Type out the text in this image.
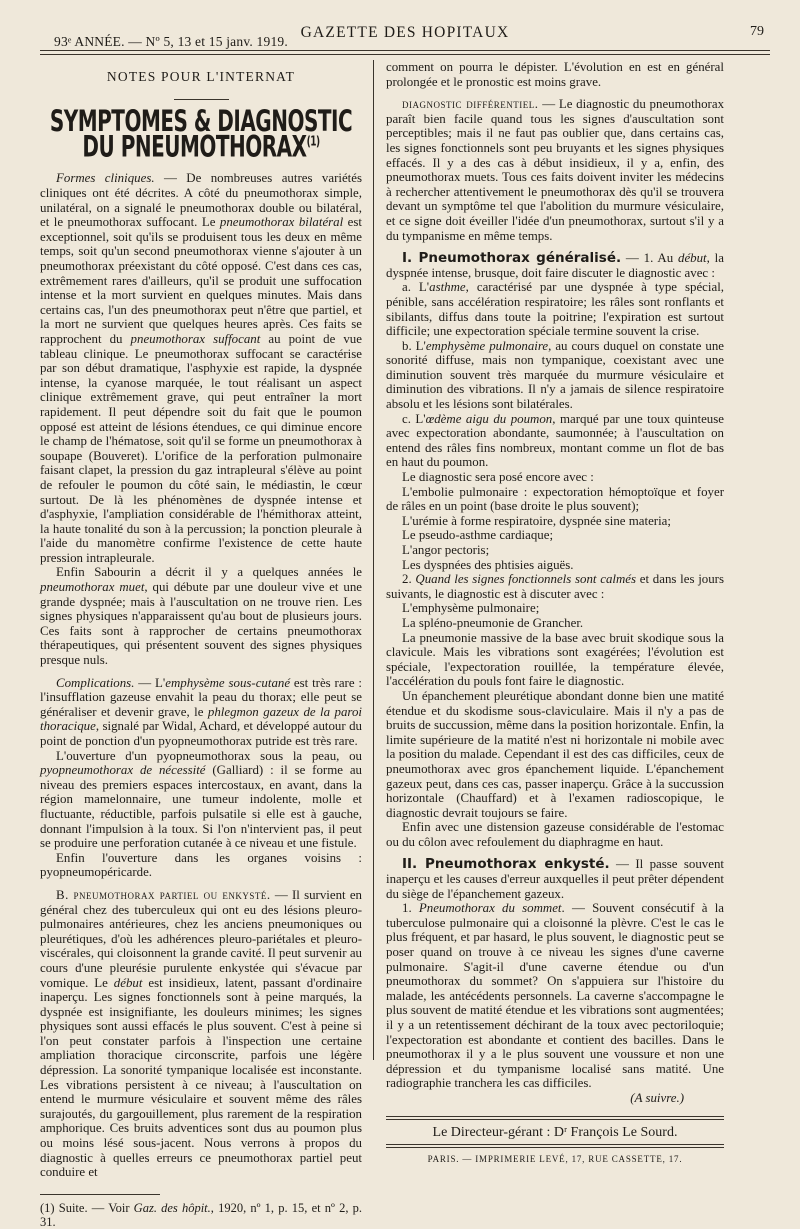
93ᵉ ANNÉE. — Nº 5, 13 et 15 janv. 1919.
GAZETTE DES HOPITAUX	79
NOTES POUR L'INTERNAT
SYMPTOMES & DIAGNOSTIC DU PNEUMOTHORAX$^{(1)}$

Formes cliniques. — De nombreuses autres variétés cliniques ont été décrites. A côté du pneumothorax simple, unilatéral, on a signalé le pneumothorax double ou bilatéral, et le pneumothorax suffocant. Le pneumothorax bilatéral est exceptionnel, soit qu'ils se produisent tous les deux en même temps, soit qu'un second pneumothorax vienne s'ajouter à un pneumothorax préexistant du côté opposé. C'est dans ces cas, extrêmement rares d'ailleurs, qu'il se produit une suffocation intense et la mort survient en quelques minutes. Mais dans certains cas, l'un des pneumothorax peut n'être que partiel, et la mort ne survient que quelques heures après. Ces faits se rapprochent du pneumothorax suffocant au point de vue tableau clinique. Le pneumothorax suffocant se caractérise par son début dramatique, l'asphyxie est rapide, la dyspnée intense, la cyanose marquée, le tout réalisant un aspect clinique extrêmement grave, qui peut entraîner la mort rapidement. Il peut dépendre soit du fait que le poumon opposé est atteint de lésions étendues, ce qui diminue encore le champ de l'hématose, soit qu'il se forme un pneumothorax à soupape (Bouveret). L'orifice de la perforation pulmonaire faisant clapet, la pression du gaz intrapleural s'élève au point de refouler le poumon du côté sain, le médiastin, le cœur surtout. De là les phénomènes de dyspnée intense et d'asphyxie, l'ampliation considérable de l'hémithorax atteint, la haute tonalité du son à la percussion; la ponction pleurale à l'aide du manomètre confirme l'existence de cette haute pression intrapleurale.

Enfin Sabourin a décrit il y a quelques années le pneumothorax muet, qui débute par une douleur vive et une grande dyspnée; mais à l'auscultation on ne trouve rien. Les signes physiques n'apparaissent qu'au bout de plusieurs jours. Ces faits sont à rapprocher de certains pneumothorax thérapeutiques, qui présentent souvent des signes physiques presque nuls.

Complications. — L'emphysème sous-cutané est très rare : l'insufflation gazeuse envahit la peau du thorax; elle peut se généraliser et devenir grave, le phlegmon gazeux de la paroi thoracique, signalé par Widal, Achard, et développé autour du point de ponction d'un pyopneumothorax putride est très rare.

L'ouverture d'un pyopneumothorax sous la peau, ou pyopneumothorax de nécessité (Galliard) : il se forme au niveau des premiers espaces intercostaux, en avant, dans la région mamelonnaire, une tumeur indolente, molle et fluctuante, réductible, parfois pulsatile si elle est à gauche, donnant l'impulsion à la toux. Si l'on n'intervient pas, il peut se produire une perforation cutanée à ce niveau et une fistule.

Enfin l'ouverture dans les organes voisins : pyopneumopéricarde.

B. pneumothorax partiel ou enkysté. — Il survient en général chez des tuberculeux qui ont eu des lésions pleuro-pulmonaires antérieures, chez les anciens pneumoniques ou pleurétiques, d'où les adhérences pleuro-pariétales et pleuro-viscérales, qui cloisonnent la grande cavité. Il peut survenir au cours d'une pleurésie purulente enkystée qui s'évacue par vomique. Le début est insidieux, latent, passant d'ordinaire inaperçu. Les signes fonctionnels sont à peine marqués, la dyspnée est insignifiante, les douleurs minimes; les signes physiques sont aussi effacés le plus souvent. C'est à peine si l'on peut constater parfois à l'inspection une certaine ampliation thoracique circonscrite, parfois une légère dépression. La sonorité tympanique localisée est inconstante. Les vibrations persistent à ce niveau; à l'auscultation on entend le murmure vésiculaire et souvent même des râles surajoutés, du gargouillement, plus rarement de la respiration amphorique. Ces bruits adventices sont dus au poumon plus ou moins lésé sous-jacent. Nous verrons à propos du diagnostic à quelles erreurs ce pneumothorax partiel peut conduire et

(1) Suite. — Voir Gaz. des hôpit., 1920, nº 1, p. 15, et nº 2, p. 31.

comment on pourra le dépister. L'évolution en est en général prolongée et le pronostic est moins grave.

diagnostic différentiel. — Le diagnostic du pneumothorax paraît bien facile quand tous les signes d'auscultation sont perceptibles; mais il ne faut pas oublier que, dans certains cas, les signes fonctionnels sont peu bruyants et les signes physiques effacés. Il y a des cas à début insidieux, il y a, enfin, des pneumothorax muets. Tous ces faits doivent inviter les médecins à rechercher attentivement le pneumothorax dès qu'il se trouvera devant un symptôme tel que l'abolition du murmure vésiculaire, et ce signe doit éveiller l'idée d'un pneumothorax, surtout s'il y a du tympanisme en même temps.

I. Pneumothorax généralisé. — 1. Au début, la dyspnée intense, brusque, doit faire discuter le diagnostic avec :

a. L'asthme, caractérisé par une dyspnée à type spécial, pénible, sans accélération respiratoire; les râles sont ronflants et sibilants, diffus dans toute la poitrine; l'expiration est surtout difficile; une expectoration spéciale termine souvent la crise.

b. L'emphysème pulmonaire, au cours duquel on constate une sonorité diffuse, mais non tympanique, coexistant avec une diminution souvent très marquée du murmure vésiculaire et diminution des vibrations. Il n'y a jamais de silence respiratoire absolu et les lésions sont bilatérales.

c. L'œdème aigu du poumon, marqué par une toux quinteuse avec expectoration abondante, saumonnée; à l'auscultation on entend des râles fins nombreux, montant comme un flot de bas en haut du poumon.

Le diagnostic sera posé encore avec :

L'embolie pulmonaire : expectoration hémoptoïque et foyer de râles en un point (base droite le plus souvent);

L'urémie à forme respiratoire, dyspnée sine materia;

Le pseudo-asthme cardiaque;

L'angor pectoris;

Les dyspnées des phtisies aiguës.

2. Quand les signes fonctionnels sont calmés et dans les jours suivants, le diagnostic est à discuter avec :

L'emphysème pulmonaire;

La spléno-pneumonie de Grancher.

La pneumonie massive de la base avec bruit skodique sous la clavicule. Mais les vibrations sont exagérées; l'évolution est spéciale, l'expectoration rouillée, la température élevée, l'accélération du pouls font faire le diagnostic.

Un épanchement pleurétique abondant donne bien une matité étendue et du skodisme sous-claviculaire. Mais il n'y a pas de bruits de succussion, même dans la position horizontale. Enfin, la limite supérieure de la matité n'est ni horizontale ni mobile avec la position du malade. Cependant il est des cas difficiles, ceux de pneumothorax avec gros épanchement liquide. L'épanchement gazeux peut, dans ces cas, passer inaperçu. Grâce à la succussion horizontale (Chauffard) et à l'examen radioscopique, le diagnostic devrait toujours se faire.

Enfin avec une distension gazeuse considérable de l'estomac ou du côlon avec refoulement du diaphragme en haut.

II. Pneumothorax enkysté. — Il passe souvent inaperçu et les causes d'erreur auxquelles il peut prêter dépendent du siège de l'épanchement gazeux.

1. Pneumothorax du sommet. — Souvent consécutif à la tuberculose pulmonaire qui a cloisonné la plèvre. C'est le cas le plus fréquent, et par hasard, le plus souvent, le diagnostic peut se poser quand on trouve à ce niveau les signes d'une caverne pulmonaire. S'agit-il d'une caverne étendue ou d'un pneumothorax du sommet? On s'appuiera sur l'histoire du malade, les antécédents personnels. La caverne s'accompagne le plus souvent de matité étendue et les vibrations sont augmentées; il y a un retentissement déchirant de la toux avec pectoriloquie; l'expectoration est abondante et contient des bacilles. Dans le pneumothorax il y a le plus souvent une voussure et non une dépression et du tympanisme localisé sans matité. Une radiographie tranchera les cas difficiles.

(A suivre.)

Le Directeur-gérant : Dʳ François Le Sourd.

PARIS. — IMPRIMERIE LEVÉ, 17, RUE CASSETTE, 17.
